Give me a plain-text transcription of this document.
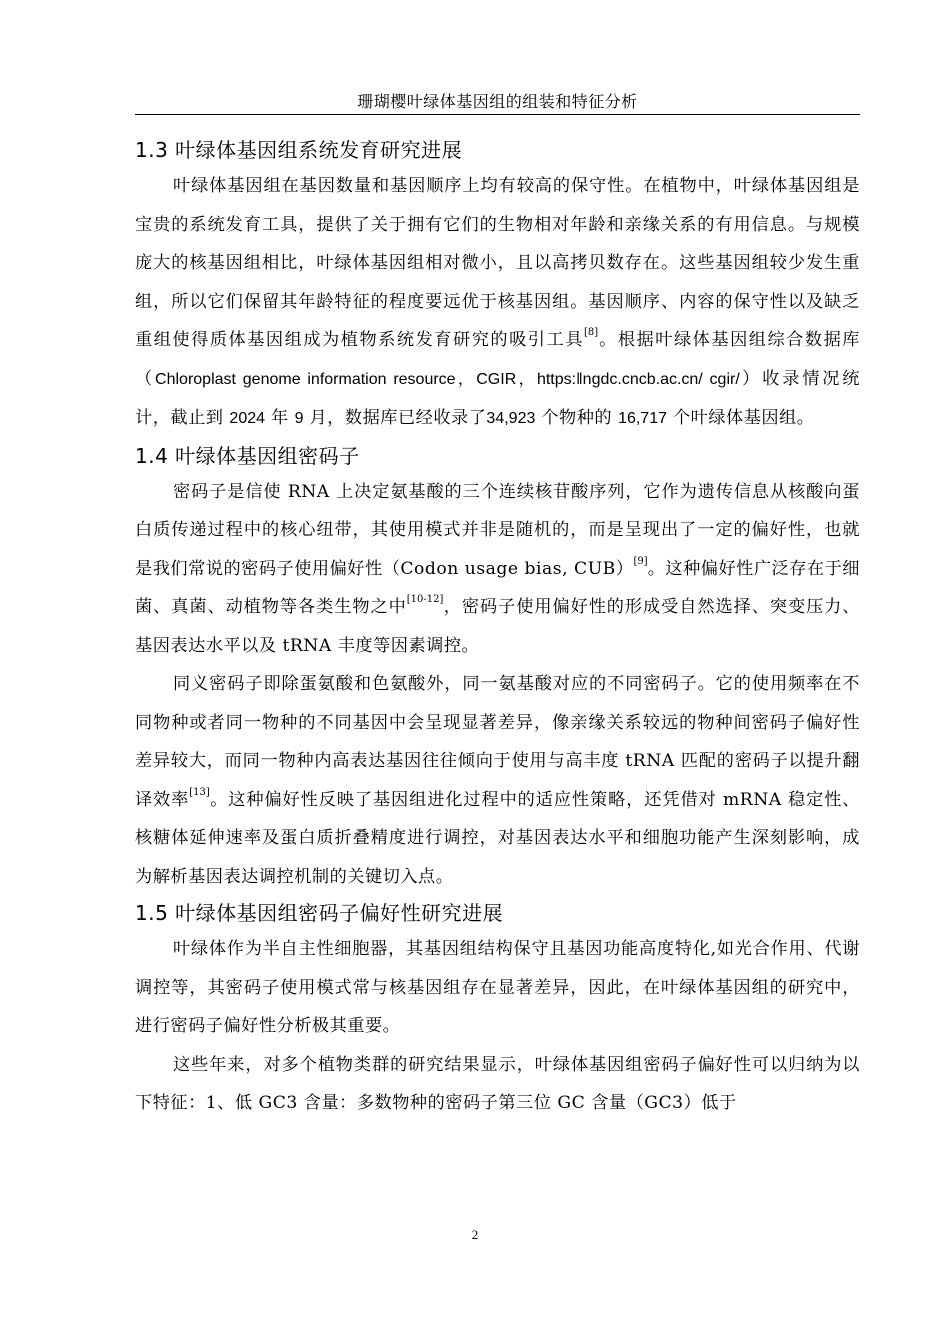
珊瑚樱叶绿体基因组的组装和特征分析
1.3 叶绿体基因组系统发育研究进展

叶绿体基因组在基因数量和基因顺序上均有较高的保守性。在植物中，叶绿体基因组是宝贵的系统发育工具，提供了关于拥有它们的生物相对年龄和亲缘关系的有用信息。与规模庞大的核基因组相比，叶绿体基因组相对微小，且以高拷贝数存在。这些基因组较少发生重组，所以它们保留其年龄特征的程度要远优于核基因组。基因顺序、内容的保守性以及缺乏重组使得质体基因组成为植物系统发育研究的吸引工具[8]。根据叶绿体基因组综合数据库（Chloroplast genome information resource，CGIR，https:‖ngdc.cncb.ac.cn/ cgir/）收录情况统计，截止到 2024 年 9 月，数据库已经收录了34,923 个物种的 16,717 个叶绿体基因组。

1.4 叶绿体基因组密码子

密码子是信使 RNA 上决定氨基酸的三个连续核苷酸序列，它作为遗传信息从核酸向蛋白质传递过程中的核心纽带，其使用模式并非是随机的，而是呈现出了一定的偏好性，也就是我们常说的密码子使用偏好性（Codon usage bias, CUB）[9]。这种偏好性广泛存在于细菌、真菌、动植物等各类生物之中[10-12]，密码子使用偏好性的形成受自然选择、突变压力、基因表达水平以及 tRNA 丰度等因素调控。

同义密码子即除蛋氨酸和色氨酸外，同一氨基酸对应的不同密码子。它的使用频率在不同物种或者同一物种的不同基因中会呈现显著差异，像亲缘关系较远的物种间密码子偏好性差异较大，而同一物种内高表达基因往往倾向于使用与高丰度 tRNA 匹配的密码子以提升翻译效率[13]。这种偏好性反映了基因组进化过程中的适应性策略，还凭借对 mRNA 稳定性、核糖体延伸速率及蛋白质折叠精度进行调控，对基因表达水平和细胞功能产生深刻影响，成为解析基因表达调控机制的关键切入点。

1.5 叶绿体基因组密码子偏好性研究进展

叶绿体作为半自主性细胞器，其基因组结构保守且基因功能高度特化,如光合作用、代谢调控等，其密码子使用模式常与核基因组存在显著差异，因此，在叶绿体基因组的研究中，进行密码子偏好性分析极其重要。

这些年来，对多个植物类群的研究结果显示，叶绿体基因组密码子偏好性可以归纳为以下特征：1、低 GC3 含量：多数物种的密码子第三位 GC 含量（GC3）低于

2
